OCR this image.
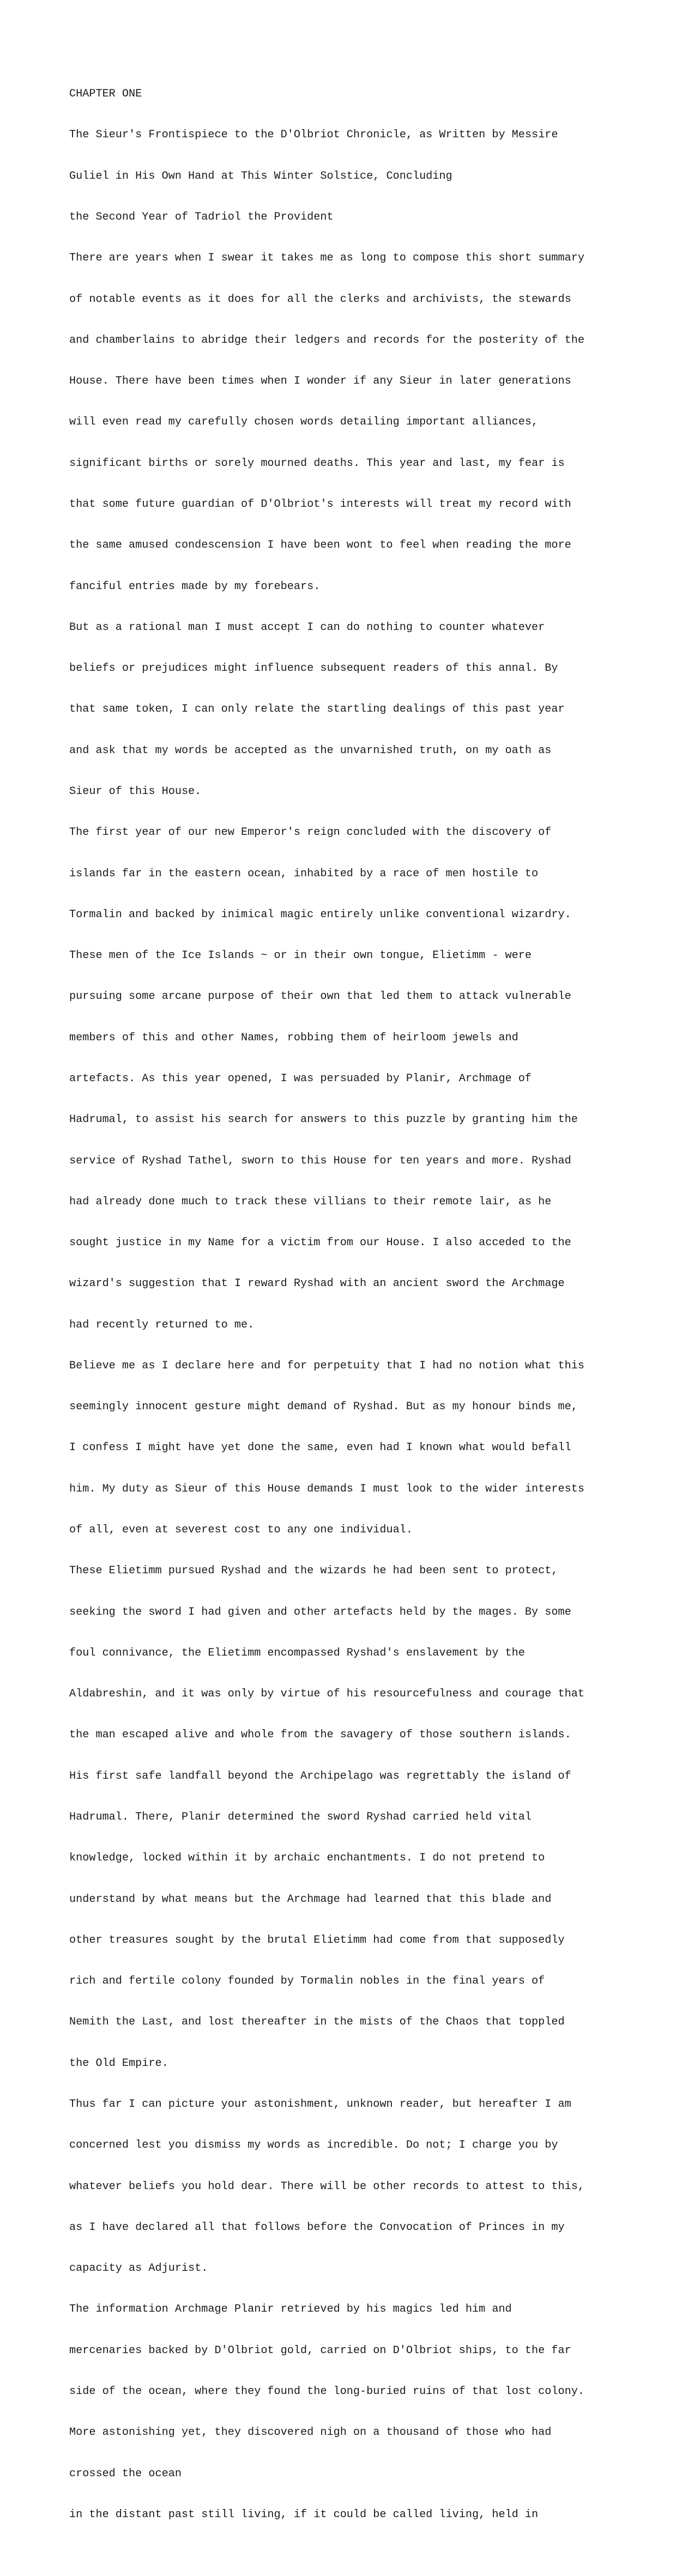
CHAPTER ONE

The Sieur's Frontispiece to the D'Olbriot Chronicle, as Written by Messire

Guliel in His Own Hand at This Winter Solstice, Concluding

the Second Year of Tadriol the Provident

There are years when I swear it takes me as long to compose this short summary

of notable events as it does for all the clerks and archivists, the stewards

and chamberlains to abridge their ledgers and records for the posterity of the

House. There have been times when I wonder if any Sieur in later generations

will even read my carefully chosen words detailing important alliances,

significant births or sorely mourned deaths. This year and last, my fear is

that some future guardian of D'Olbriot's interests will treat my record with

the same amused condescension I have been wont to feel when reading the more

fanciful entries made by my forebears.

But as a rational man I must accept I can do nothing to counter whatever

beliefs or prejudices might influence subsequent readers of this annal. By

that same token, I can only relate the startling dealings of this past year

and ask that my words be accepted as the unvarnished truth, on my oath as

Sieur of this House.

The first year of our new Emperor's reign concluded with the discovery of

islands far in the eastern ocean, inhabited by a race of men hostile to

Tormalin and backed by inimical magic entirely unlike conventional wizardry.

These men of the Ice Islands ~ or in their own tongue, Elietimm - were

pursuing some arcane purpose of their own that led them to attack vulnerable

members of this and other Names, robbing them of heirloom jewels and

artefacts. As this year opened, I was persuaded by Planir, Archmage of

Hadrumal, to assist his search for answers to this puzzle by granting him the

service of Ryshad Tathel, sworn to this House for ten years and more. Ryshad

had already done much to track these villians to their remote lair, as he

sought justice in my Name for a victim from our House. I also acceded to the

wizard's suggestion that I reward Ryshad with an ancient sword the Archmage

had recently returned to me.

Believe me as I declare here and for perpetuity that I had no notion what this

seemingly innocent gesture might demand of Ryshad. But as my honour binds me,

I confess I might have yet done the same, even had I known what would befall

him. My duty as Sieur of this House demands I must look to the wider interests

of all, even at severest cost to any one individual.

These Elietimm pursued Ryshad and the wizards he had been sent to protect,

seeking the sword I had given and other artefacts held by the mages. By some

foul connivance, the Elietimm encompassed Ryshad's enslavement by the

Aldabreshin, and it was only by virtue of his resourcefulness and courage that

the man escaped alive and whole from the savagery of those southern islands.

His first safe landfall beyond the Archipelago was regrettably the island of

Hadrumal. There, Planir determined the sword Ryshad carried held vital

knowledge, locked within it by archaic enchantments. I do not pretend to

understand by what means but the Archmage had learned that this blade and

other treasures sought by the brutal Elietimm had come from that supposedly

rich and fertile colony founded by Tormalin nobles in the final years of

Nemith the Last, and lost thereafter in the mists of the Chaos that toppled

the Old Empire.

Thus far I can picture your astonishment, unknown reader, but hereafter I am

concerned lest you dismiss my words as incredible. Do not; I charge you by

whatever beliefs you hold dear. There will be other records to attest to this,

as I have declared all that follows before the Convocation of Princes in my

capacity as Adjurist.

The information Archmage Planir retrieved by his magics led him and

mercenaries backed by D'Olbriot gold, carried on D'Olbriot ships, to the far

side of the ocean, where they found the long-buried ruins of that lost colony.

More astonishing yet, they discovered nigh on a thousand of those who had

crossed the ocean

in the distant past still living, if it could be called living, held in
